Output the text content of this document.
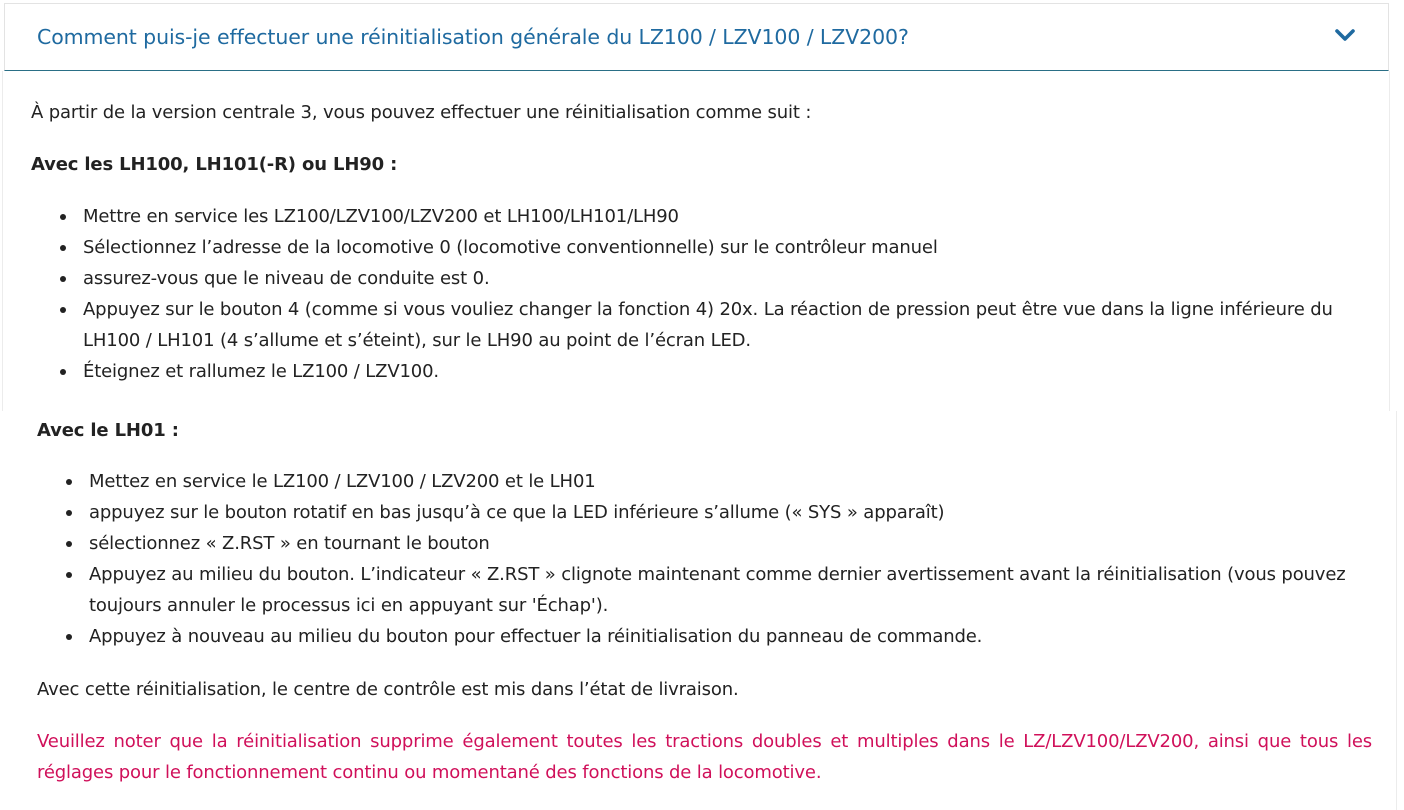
Comment puis-je effectuer une réinitialisation générale du LZ100 / LZV100 / LZV200?
À partir de la version centrale 3, vous pouvez effectuer une réinitialisation comme suit :
Avec les LH100, LH101(-R) ou LH90 :
Mettre en service les LZ100/LZV100/LZV200 et LH100/LH101/LH90
Sélectionnez l’adresse de la locomotive 0 (locomotive conventionnelle) sur le contrôleur manuel
assurez-vous que le niveau de conduite est 0.
Appuyez sur le bouton 4 (comme si vous vouliez changer la fonction 4) 20x. La réaction de pression peut être vue dans la ligne inférieure du LH100 / LH101 (4 s’allume et s’éteint), sur le LH90 au point de l’écran LED.
Éteignez et rallumez le LZ100 / LZV100.
Avec le LH01 :
Mettez en service le LZ100 / LZV100 / LZV200 et le LH01
appuyez sur le bouton rotatif en bas jusqu’à ce que la LED inférieure s’allume (« SYS » apparaît)
sélectionnez « Z.RST » en tournant le bouton
Appuyez au milieu du bouton. L’indicateur « Z.RST » clignote maintenant comme dernier avertissement avant la réinitialisation (vous pouvez toujours annuler le processus ici en appuyant sur 'Échap').
Appuyez à nouveau au milieu du bouton pour effectuer la réinitialisation du panneau de commande.
Avec cette réinitialisation, le centre de contrôle est mis dans l’état de livraison.
Veuillez noter que la réinitialisation supprime également toutes les tractions doubles et multiples dans le LZ/LZV100/LZV200, ainsi que tous les réglages pour le fonctionnement continu ou momentané des fonctions de la locomotive.
